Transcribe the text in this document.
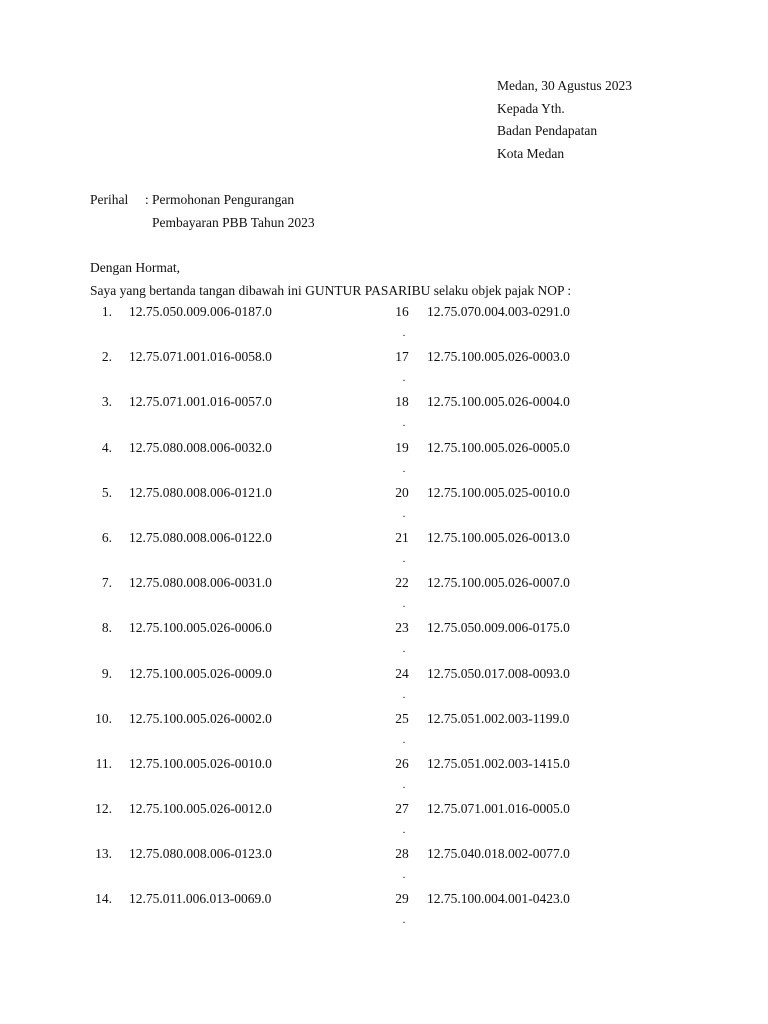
Medan, 30 Agustus 2023
Kepada Yth.
Badan Pendapatan
Kota Medan
Perihal : Permohonan Pengurangan
Pembayaran PBB Tahun 2023
Dengan Hormat,
Saya yang bertanda tangan dibawah ini GUNTUR PASARIBU selaku objek pajak NOP :
1. 12.75.050.009.006-0187.0
2. 12.75.071.001.016-0058.0
3. 12.75.071.001.016-0057.0
4. 12.75.080.008.006-0032.0
5. 12.75.080.008.006-0121.0
6. 12.75.080.008.006-0122.0
7. 12.75.080.008.006-0031.0
8. 12.75.100.005.026-0006.0
9. 12.75.100.005.026-0009.0
10. 12.75.100.005.026-0002.0
11. 12.75.100.005.026-0010.0
12. 12.75.100.005.026-0012.0
13. 12.75.080.008.006-0123.0
14. 12.75.011.006.013-0069.0
16
.
12.75.070.004.003-0291.0
17
.
12.75.100.005.026-0003.0
18
.
12.75.100.005.026-0004.0
19
.
12.75.100.005.026-0005.0
20
.
12.75.100.005.025-0010.0
21
.
12.75.100.005.026-0013.0
22
.
12.75.100.005.026-0007.0
23
.
12.75.050.009.006-0175.0
24
.
12.75.050.017.008-0093.0
25
.
12.75.051.002.003-1199.0
26
.
12.75.051.002.003-1415.0
27
.
12.75.071.001.016-0005.0
28
.
12.75.040.018.002-0077.0
29
.
12.75.100.004.001-0423.0
